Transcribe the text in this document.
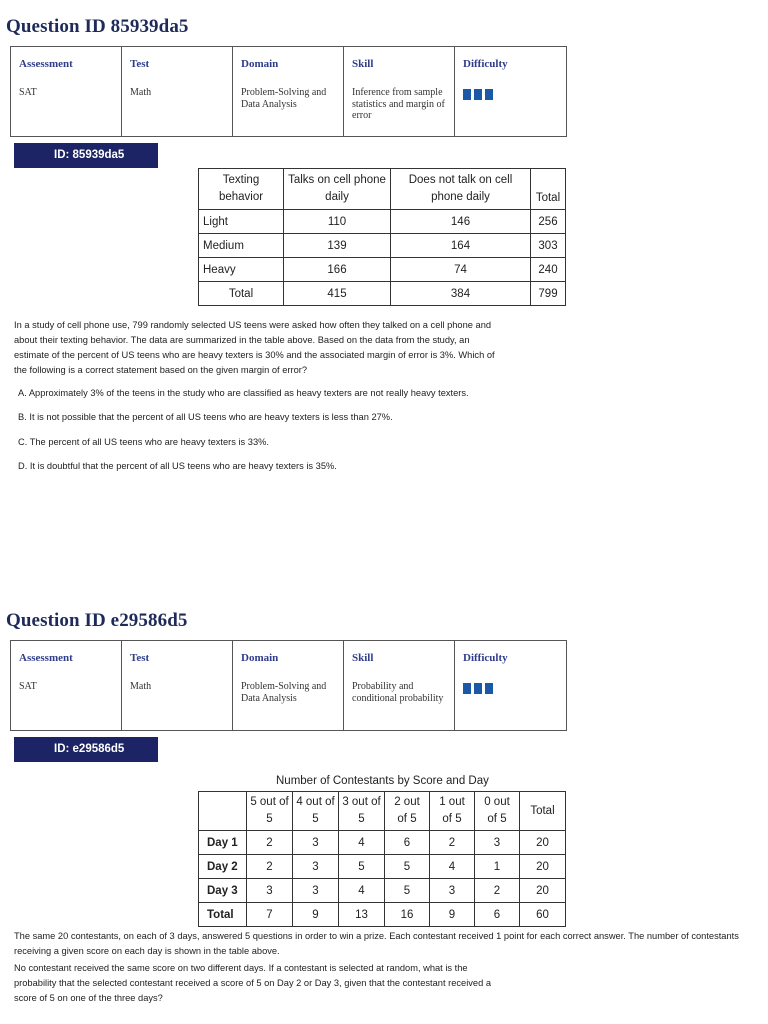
Question ID 85939da5
Assessment
SAT

Test
Math

Domain
Problem-Solving and Data Analysis

Skill
Inference from sample statistics and margin of error

Difficulty
ID: 85939da5
Texting behavior	Talks on cell phone daily	Does not talk on cell phone daily	Total
Light	110	146	256
Medium	139	164	303
Heavy	166	74	240
Total	415	384	799
In a study of cell phone use, 799 randomly selected US teens were asked how often they talked on a cell phone and about their texting behavior. The data are summarized in the table above. Based on the data from the study, an estimate of the percent of US teens who are heavy texters is 30% and the associated margin of error is 3%. Which of the following is a correct statement based on the given margin of error?
A. Approximately 3% of the teens in the study who are classified as heavy texters are not really heavy texters.
B. It is not possible that the percent of all US teens who are heavy texters is less than 27%.
C. The percent of all US teens who are heavy texters is 33%.
D. It is doubtful that the percent of all US teens who are heavy texters is 35%.
Question ID e29586d5
Assessment
SAT

Test
Math

Domain
Problem-Solving and Data Analysis

Skill
Probability and conditional probability

Difficulty
ID: e29586d5
Number of Contestants by Score and Day
	5 out of 5	4 out of 5	3 out of 5	2 out of 5	1 out of 5	0 out of 5	Total
Day 1	2	3	4	6	2	3	20
Day 2	2	3	5	5	4	1	20
Day 3	3	3	4	5	3	2	20
Total	7	9	13	16	9	6	60
The same 20 contestants, on each of 3 days, answered 5 questions in order to win a prize. Each contestant received 1 point for each correct answer. The number of contestants receiving a given score on each day is shown in the table above.
No contestant received the same score on two different days. If a contestant is selected at random, what is the probability that the selected contestant received a score of 5 on Day 2 or Day 3, given that the contestant received a score of 5 on one of the three days?
